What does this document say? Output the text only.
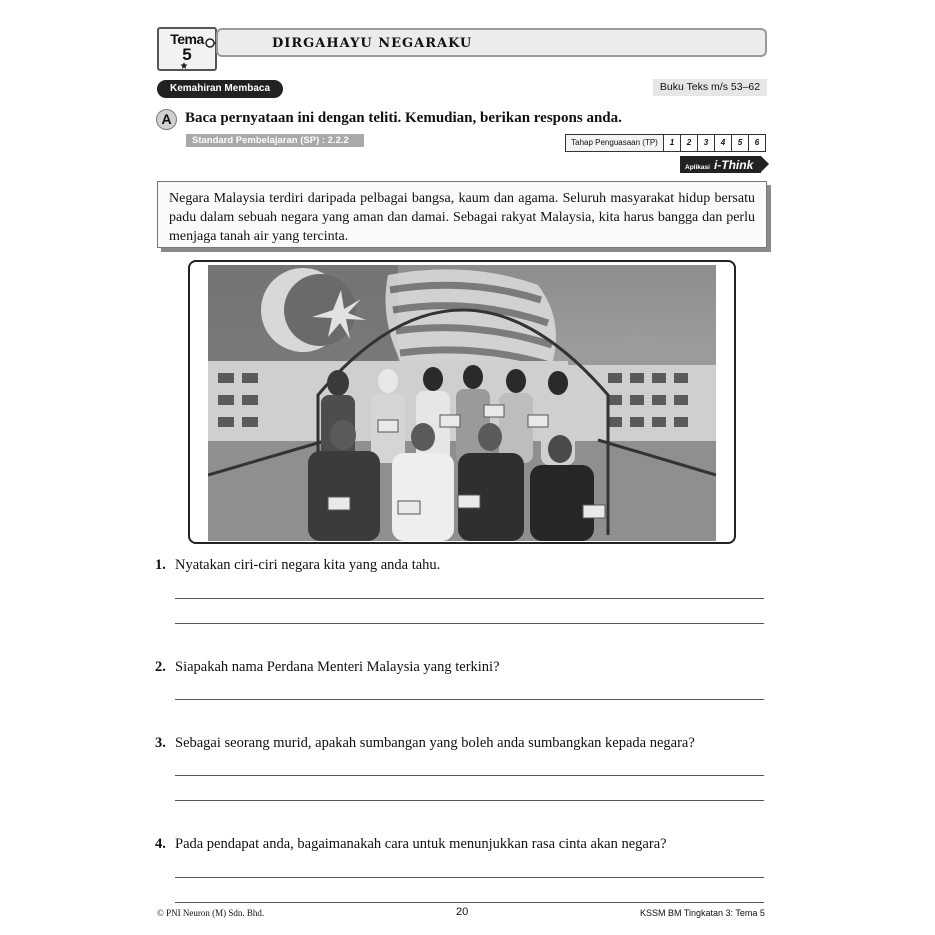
Tema
5
🟊
DIRGAHAYU NEGARAKU
Kemahiran Membaca	Buku Teks m/s 53–62
A Baca pernyataan ini dengan teliti. Kemudian, berikan respons anda.
Standard Pembelajaran (SP) : 2.2.2	Tahap Penguasaan (TP)	1	2	3	4	5	6
Aplikasi i-Think
Negara Malaysia terdiri daripada pelbagai bangsa, kaum dan agama. Seluruh masyarakat hidup bersatu padu dalam sebuah negara yang aman dan damai. Sebagai rakyat Malaysia, kita harus bangga dan perlu menjaga tanah air yang tercinta.
1. Nyatakan ciri-ciri negara kita yang anda tahu.
2. Siapakah nama Perdana Menteri Malaysia yang terkini?
3. Sebagai seorang murid, apakah sumbangan yang boleh anda sumbangkan kepada negara?
4. Pada pendapat anda, bagaimanakah cara untuk menunjukkan rasa cinta akan negara?
© PNI Neuron (M) Sdn. Bhd.	20	KSSM BM Tingkatan 3: Tema 5
